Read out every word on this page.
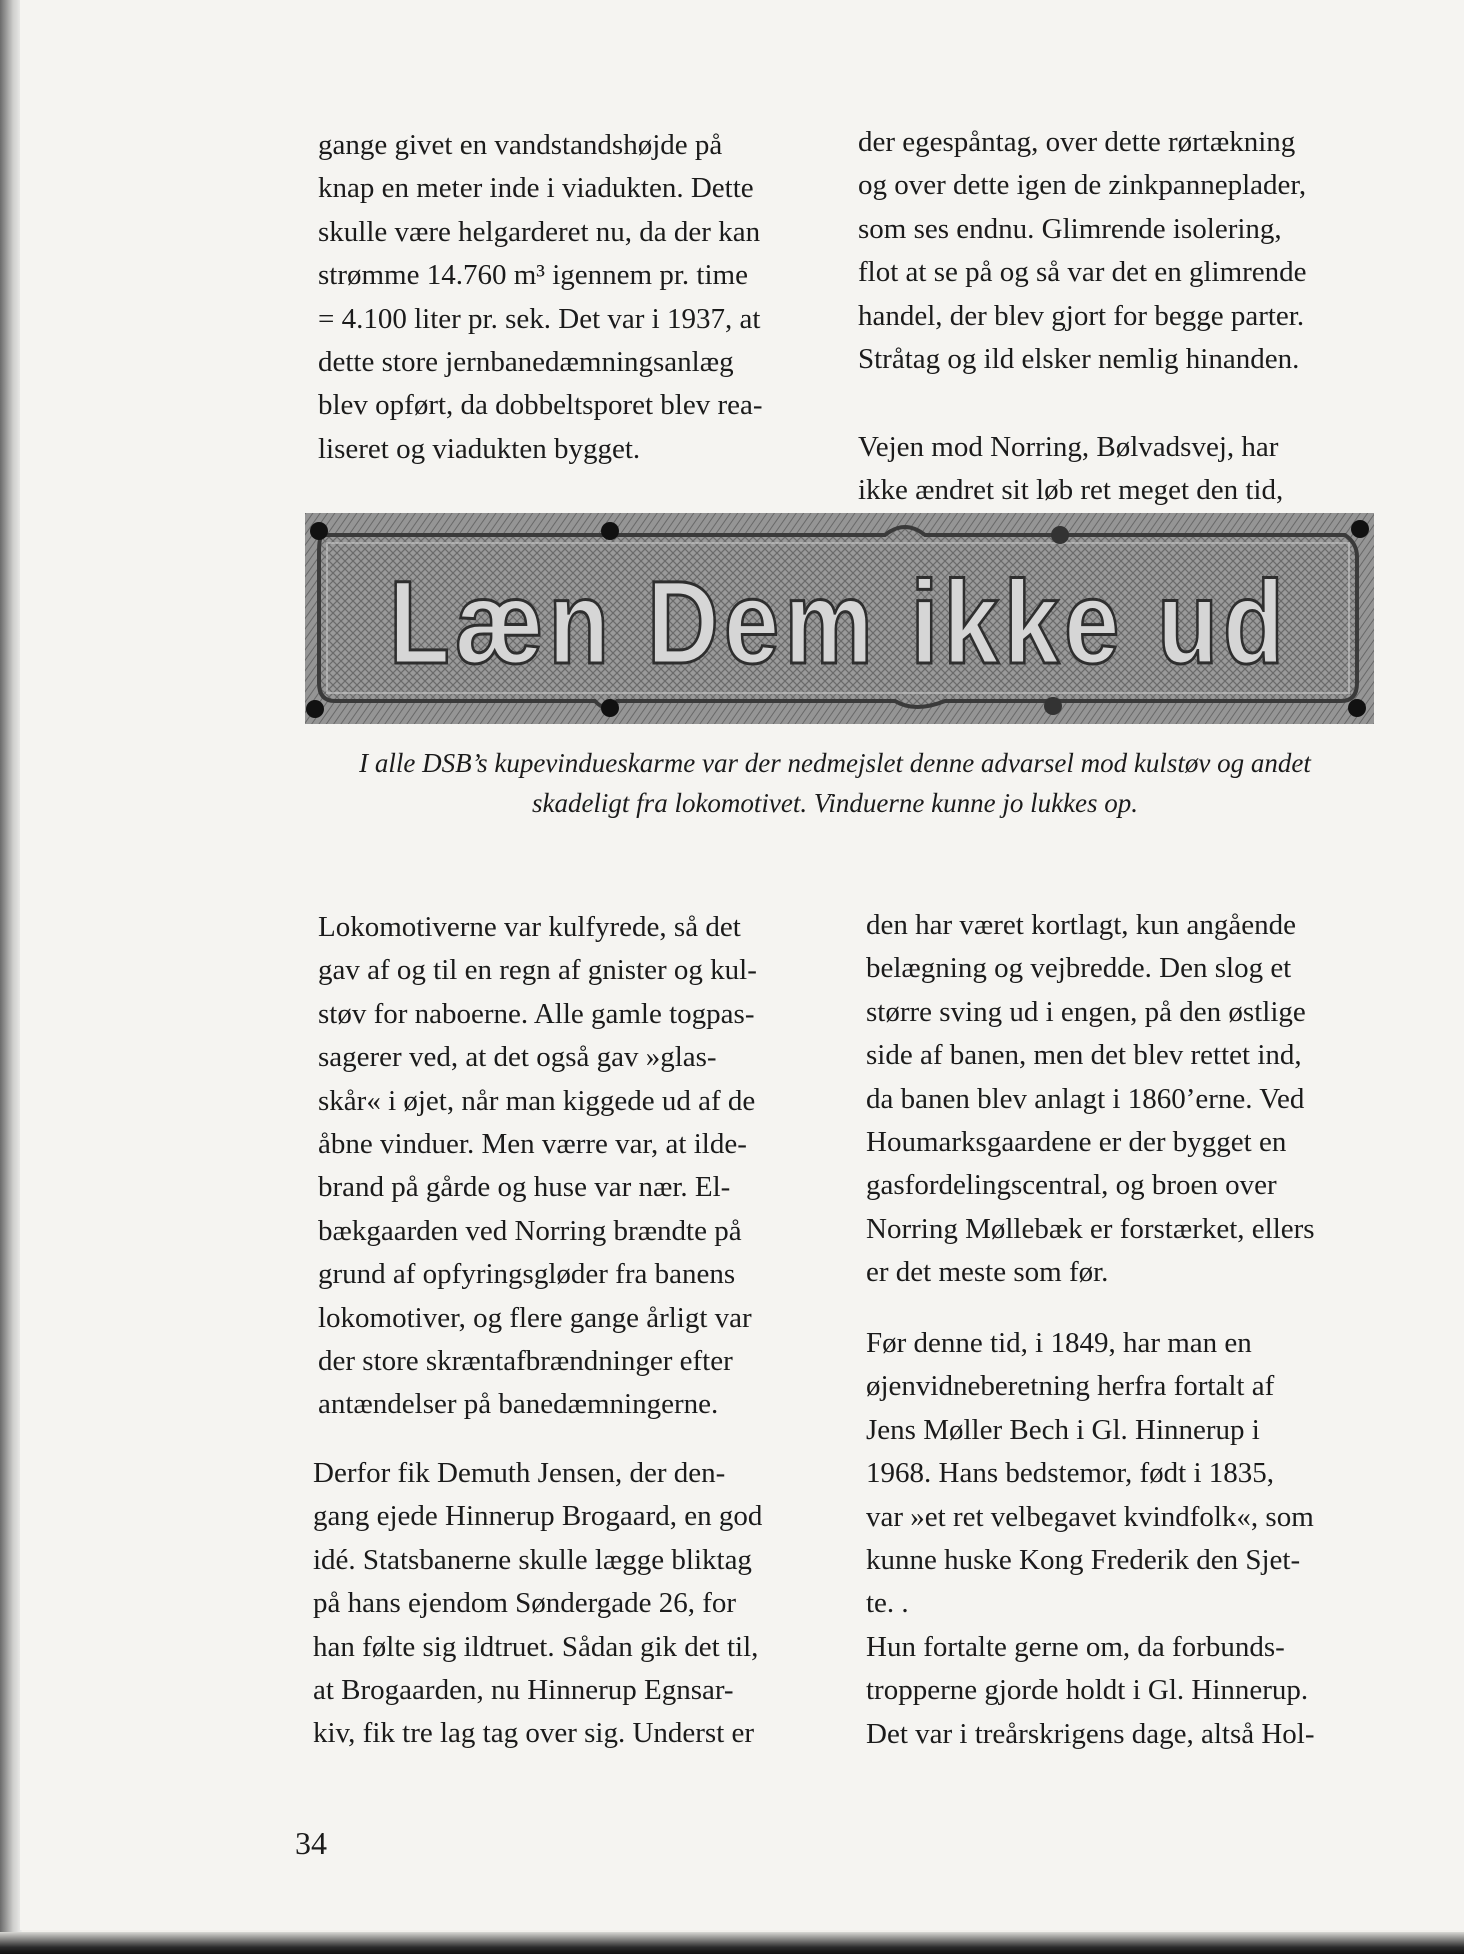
gange givet en vandstandshøjde på
knap en meter inde i viadukten. Dette
skulle være helgarderet nu, da der kan
strømme 14.760 m³ igennem pr. time
= 4.100 liter pr. sek. Det var i 1937, at
dette store jernbanedæmningsanlæg
blev opført, da dobbeltsporet blev rea-
liseret og viadukten bygget.

der egespåntag, over dette rørtækning
og over dette igen de zinkpanneplader,
som ses endnu. Glimrende isolering,
flot at se på og så var det en glimrende
handel, der blev gjort for begge parter.
Stråtag og ild elsker nemlig hinanden.

Vejen mod Norring, Bølvadsvej, har
ikke ændret sit løb ret meget den tid,

Læn Dem ikke ud
I alle DSB’s kupevindueskarme var der nedmejslet denne advarsel mod kulstøv og andet
skadeligt fra lokomotivet. Vinduerne kunne jo lukkes op.

Lokomotiverne var kulfyrede, så det
gav af og til en regn af gnister og kul-
støv for naboerne. Alle gamle togpas-
sagerer ved, at det også gav »glas-
skår« i øjet, når man kiggede ud af de
åbne vinduer. Men værre var, at ilde-
brand på gårde og huse var nær. El-
bækgaarden ved Norring brændte på
grund af opfyringsgløder fra banens
lokomotiver, og flere gange årligt var
der store skræntafbrændninger efter
antændelser på banedæmningerne.

Derfor fik Demuth Jensen, der den-
gang ejede Hinnerup Brogaard, en god
idé. Statsbanerne skulle lægge bliktag
på hans ejendom Søndergade 26, for
han følte sig ildtruet. Sådan gik det til,
at Brogaarden, nu Hinnerup Egnsar-
kiv, fik tre lag tag over sig. Underst er

den har været kortlagt, kun angående
belægning og vejbredde. Den slog et
større sving ud i engen, på den østlige
side af banen, men det blev rettet ind,
da banen blev anlagt i 1860’erne. Ved
Houmarksgaardene er der bygget en
gasfordelingscentral, og broen over
Norring Møllebæk er forstærket, ellers
er det meste som før.

Før denne tid, i 1849, har man en
øjenvidneberetning herfra fortalt af
Jens Møller Bech i Gl. Hinnerup i
1968. Hans bedstemor, født i 1835,
var »et ret velbegavet kvindfolk«, som
kunne huske Kong Frederik den Sjet-
te. .
Hun fortalte gerne om, da forbunds-
tropperne gjorde holdt i Gl. Hinnerup.
Det var i treårskrigens dage, altså Hol-

34
